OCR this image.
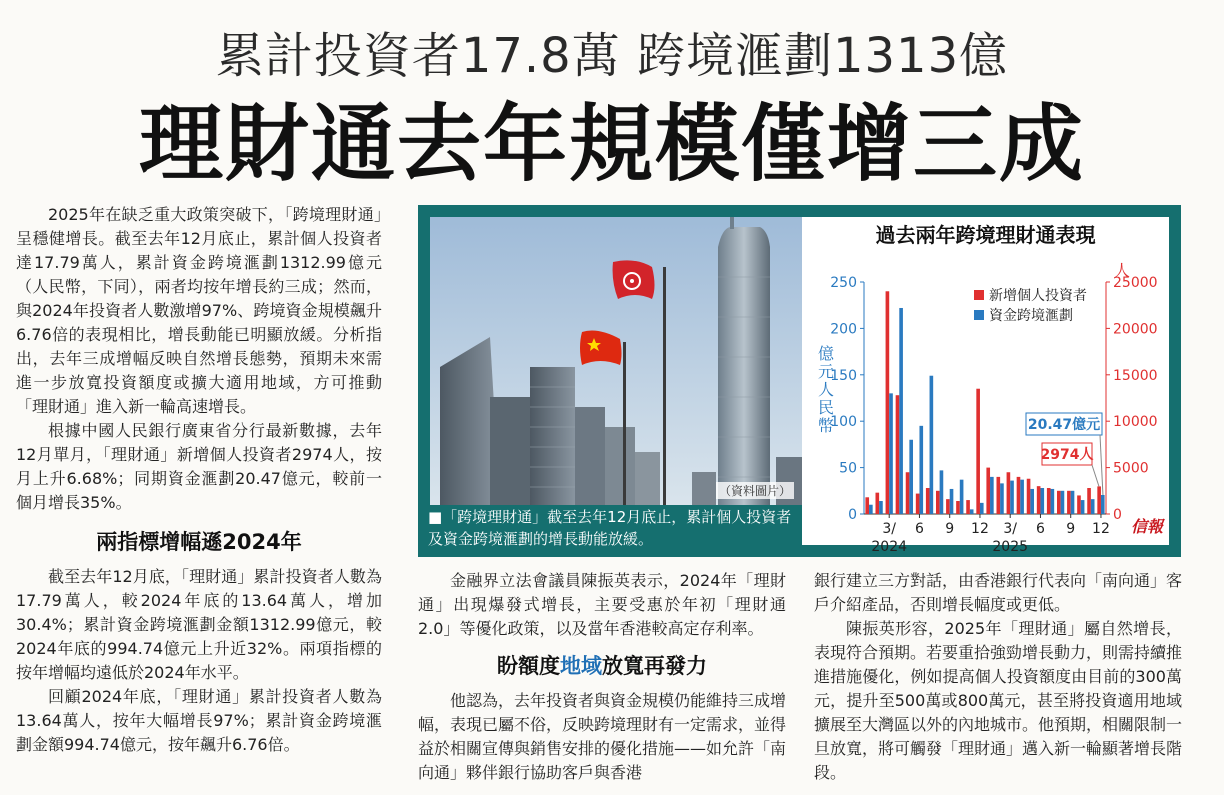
累計投資者17.8萬 跨境滙劃1313億
理財通去年規模僅增三成

2025年在缺乏重大政策突破下，「跨境理財通」呈穩健增長。截至去年12月底止，累計個人投資者達17.79萬人，累計資金跨境滙劃1312.99億元（人民幣，下同），兩者均按年增長約三成；然而，與2024年投資者人數激增97%、跨境資金規模飆升6.76倍的表現相比，增長動能已明顯放緩。分析指出，去年三成增幅反映自然增長態勢，預期未來需進一步放寬投資額度或擴大適用地域，方可推動「理財通」進入新一輪高速增長。

根據中國人民銀行廣東省分行最新數據，去年12月單月，「理財通」新增個人投資者2974人，按月上升6.68%；同期資金滙劃20.47億元，較前一個月增長35%。

兩指標增幅遜2024年

截至去年12月底，「理財通」累計投資者人數為17.79萬人，較2024年底的13.64萬人，增加30.4%；累計資金跨境滙劃金額1312.99億元，較2024年底的994.74億元上升近32%。兩項指標的按年增幅均遠低於2024年水平。

回顧2024年底，「理財通」累計投資者人數為13.64萬人，按年大幅增長97%；累計資金跨境滙劃金額994.74億元，按年飆升6.76倍。

（資料圖片）
■「跨境理財通」截至去年12月底止，累計個人投資者及資金跨境滙劃的增長動能放緩。
過去兩年跨境理財通表現
0
50
100
150
200
250
0
5000
10000
15000
20000
25000
億
元
人
民
幣
人
3/ 6 9 12 3/ 6 9 12
2024	2025
新增個人投資者
資金跨境滙劃
20.47億元
2974人
信報

金融界立法會議員陳振英表示，2024年「理財通」出現爆發式增長，主要受惠於年初「理財通2.0」等優化政策，以及當年香港較高定存利率。

盼額度地域放寬再發力

他認為，去年投資者與資金規模仍能維持三成增幅，表現已屬不俗，反映跨境理財有一定需求，並得益於相關宣傳與銷售安排的優化措施——如允許「南向通」夥伴銀行協助客戶與香港

銀行建立三方對話，由香港銀行代表向「南向通」客戶介紹產品，否則增長幅度或更低。

陳振英形容，2025年「理財通」屬自然增長，表現符合預期。若要重拾強勁增長動力，則需持續推進措施優化，例如提高個人投資額度由目前的300萬元，提升至500萬或800萬元，甚至將投資適用地域擴展至大灣區以外的內地城市。他預期，相關限制一旦放寬，將可觸發「理財通」邁入新一輪顯著增長階段。
